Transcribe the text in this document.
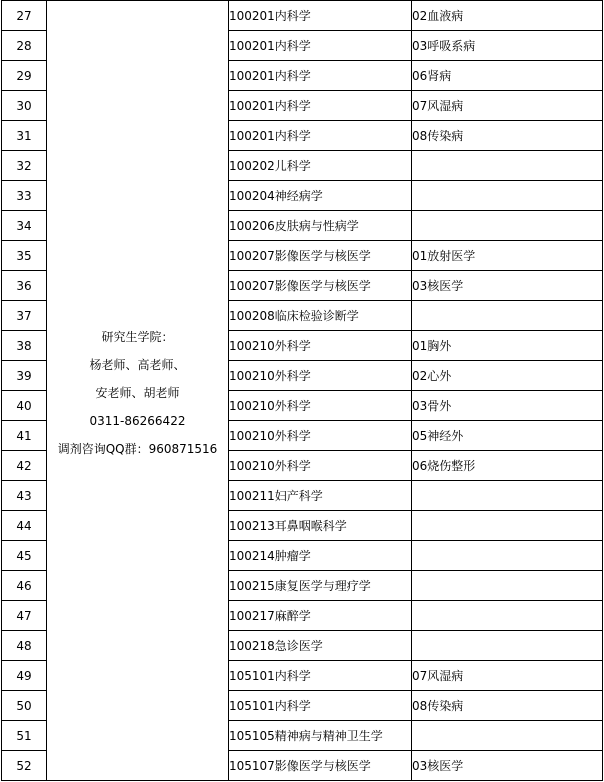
27	研究生学院：
杨老师、高老师、
安老师、胡老师
0311-86266422
调剂咨询QQ群：960871516	100201内科学	02血液病
28		100201内科学	03呼吸系病
29		100201内科学	06肾病
30		100201内科学	07风湿病
31		100201内科学	08传染病
32		100202儿科学	
33		100204神经病学	
34		100206皮肤病与性病学	
35		100207影像医学与核医学	01放射医学
36		100207影像医学与核医学	03核医学
37		100208临床检验诊断学	
38		100210外科学	01胸外
39		100210外科学	02心外
40		100210外科学	03骨外
41		100210外科学	05神经外
42		100210外科学	06烧伤整形
43		100211妇产科学	
44		100213耳鼻咽喉科学	
45		100214肿瘤学	
46		100215康复医学与理疗学	
47		100217麻醉学	
48		100218急诊医学	
49		105101内科学	07风湿病
50		105101内科学	08传染病
51		105105精神病与精神卫生学	
52		105107影像医学与核医学	03核医学
